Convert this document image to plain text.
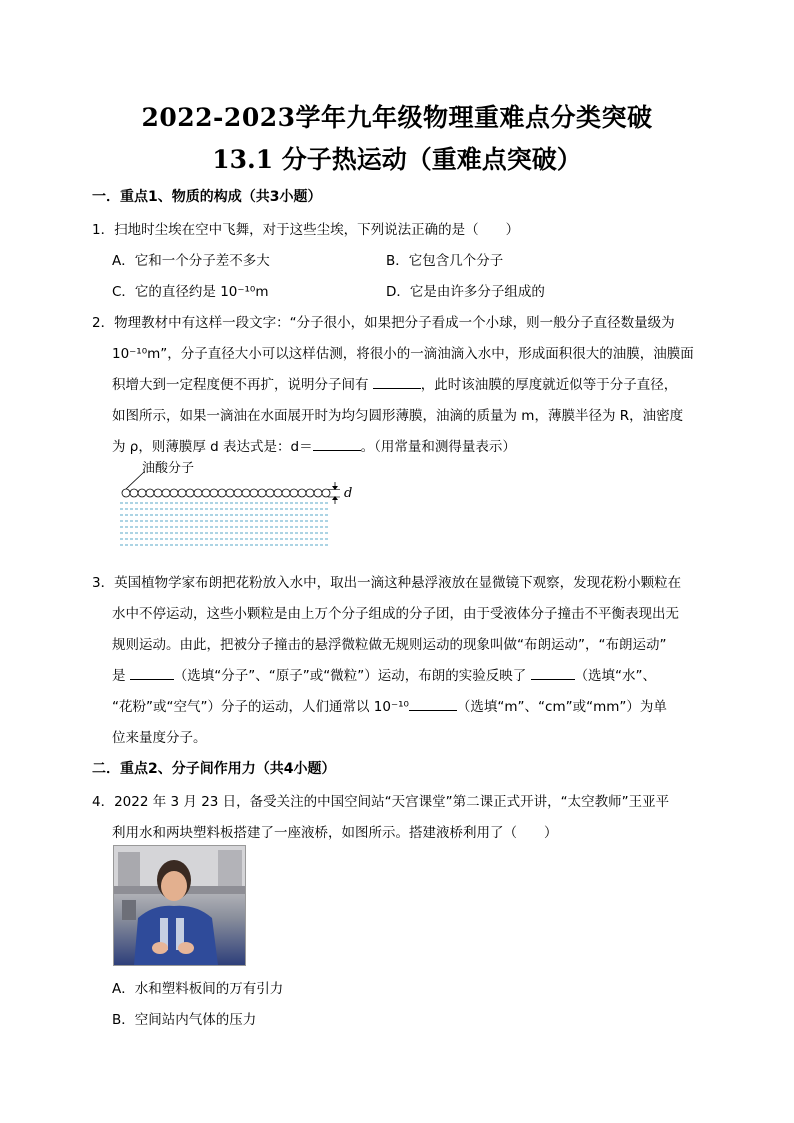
2022-2023学年九年级物理重难点分类突破
13.1 分子热运动（重难点突破）
一．重点1、物质的构成（共3小题）
1．扫地时尘埃在空中飞舞，对于这些尘埃，下列说法正确的是（　　）
A．它和一个分子差不多大	B．它包含几个分子
C．它的直径约是 10⁻¹⁰m	D．它是由许多分子组成的
2．物理教材中有这样一段文字：“分子很小，如果把分子看成一个小球，则一般分子直径数量级为
10⁻¹⁰m”，分子直径大小可以这样估测，将很小的一滴油滴入水中，形成面积很大的油膜，油膜面
积增大到一定程度便不再扩，说明分子间有	，此时该油膜的厚度就近似等于分子直径，
如图所示，如果一滴油在水面展开时为均匀圆形薄膜，油滴的质量为 m，薄膜半径为 R，油密度
为 ρ，则薄膜厚 d 表达式是：d＝	。（用常量和测得量表示）
油酸分子
d
3．英国植物学家布朗把花粉放入水中，取出一滴这种悬浮液放在显微镜下观察，发现花粉小颗粒在
水中不停运动，这些小颗粒是由上万个分子组成的分子团，由于受液体分子撞击不平衡表现出无
规则运动。由此，把被分子撞击的悬浮微粒做无规则运动的现象叫做“布朗运动”，“布朗运动”
是	（选填“分子”、“原子”或“微粒”）运动，布朗的实验反映了	（选填“水”、
“花粉”或“空气”）分子的运动，人们通常以 10⁻¹⁰	（选填“m”、“cm”或“mm”）为单
位来量度分子。
二．重点2、分子间作用力（共4小题）
4．2022 年 3 月 23 日，备受关注的中国空间站“天宫课堂”第二课正式开讲，“太空教师”王亚平
利用水和两块塑料板搭建了一座液桥，如图所示。搭建液桥利用了（　　）
A．水和塑料板间的万有引力
B．空间站内气体的压力
